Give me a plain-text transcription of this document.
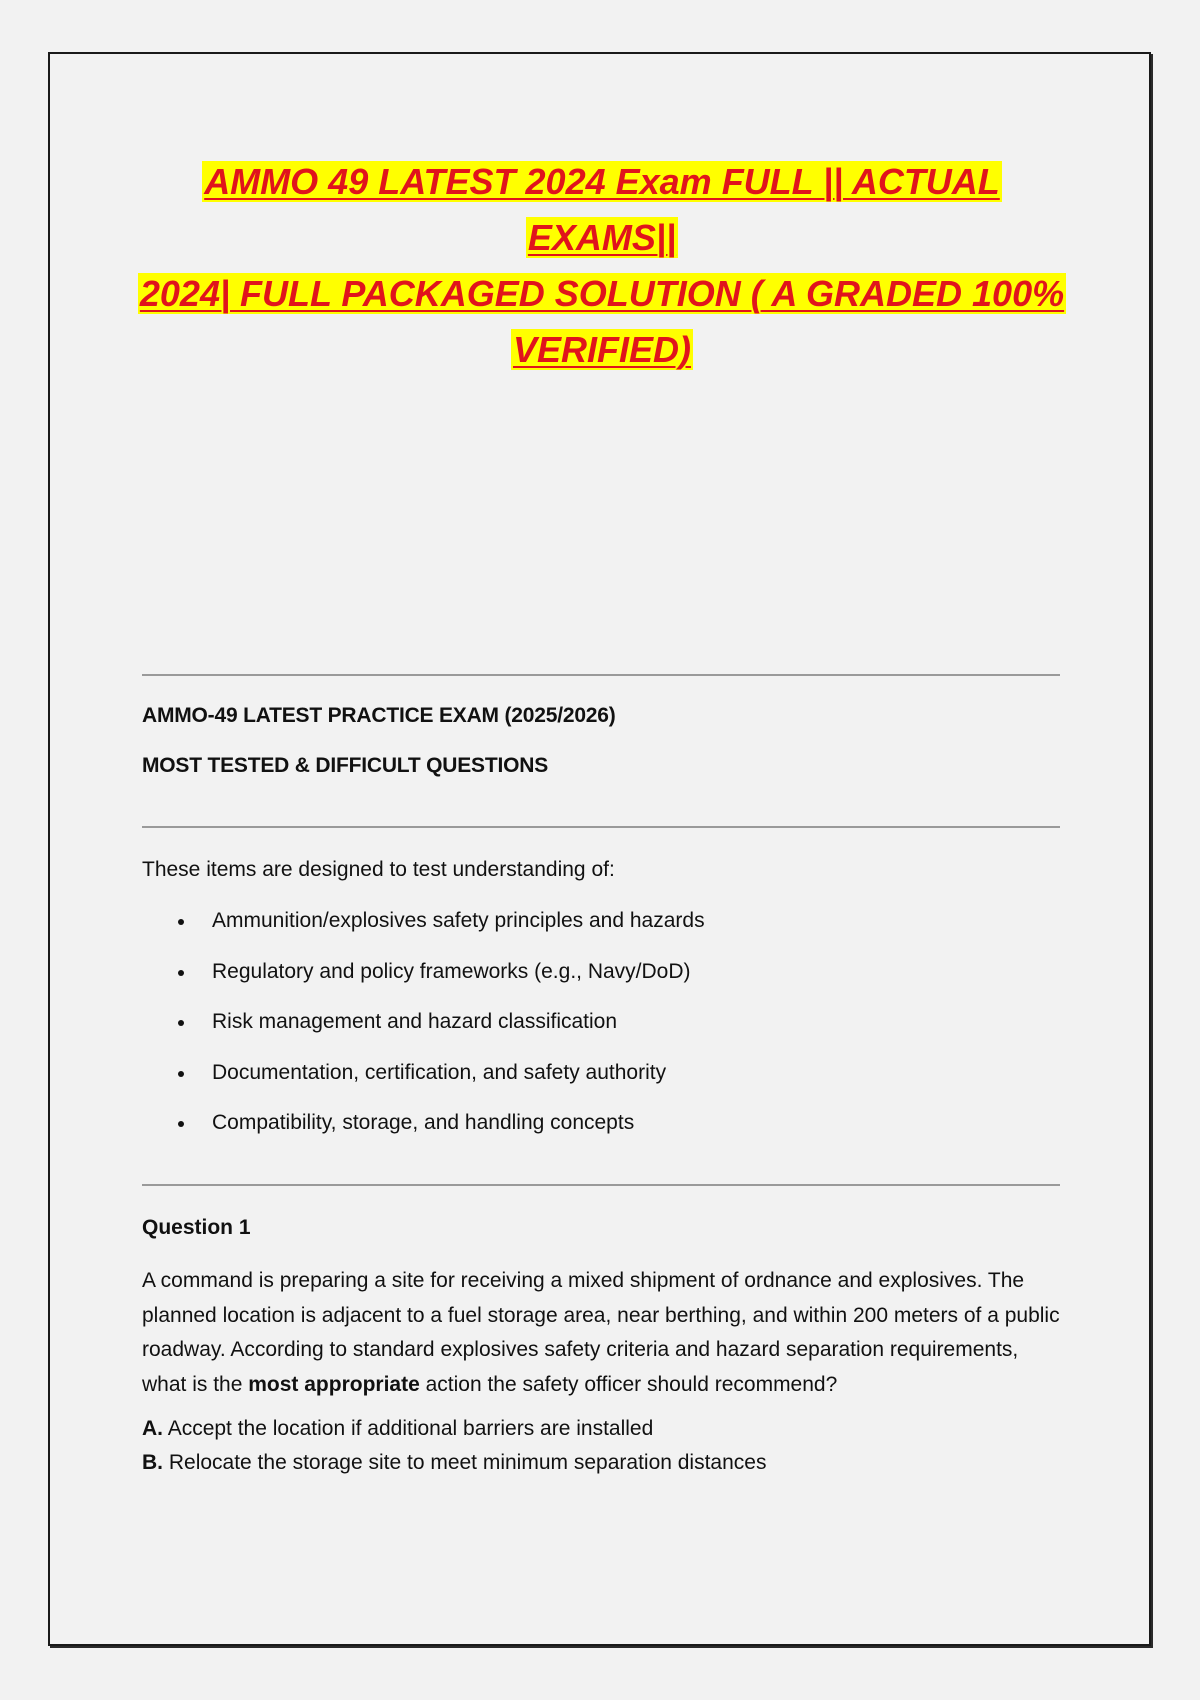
AMMO 49 LATEST 2024 Exam FULL || ACTUAL EXAMS||
2024| FULL PACKAGED SOLUTION ( A GRADED 100%
VERIFIED)
AMMO-49 LATEST PRACTICE EXAM (2025/2026)
MOST TESTED & DIFFICULT QUESTIONS
These items are designed to test understanding of:
Ammunition/explosives safety principles and hazards
Regulatory and policy frameworks (e.g., Navy/DoD)
Risk management and hazard classification
Documentation, certification, and safety authority
Compatibility, storage, and handling concepts
Question 1
A command is preparing a site for receiving a mixed shipment of ordnance and explosives. The planned location is adjacent to a fuel storage area, near berthing, and within 200 meters of a public roadway. According to standard explosives safety criteria and hazard separation requirements, what is the most appropriate action the safety officer should recommend?
A. Accept the location if additional barriers are installed
B. Relocate the storage site to meet minimum separation distances
